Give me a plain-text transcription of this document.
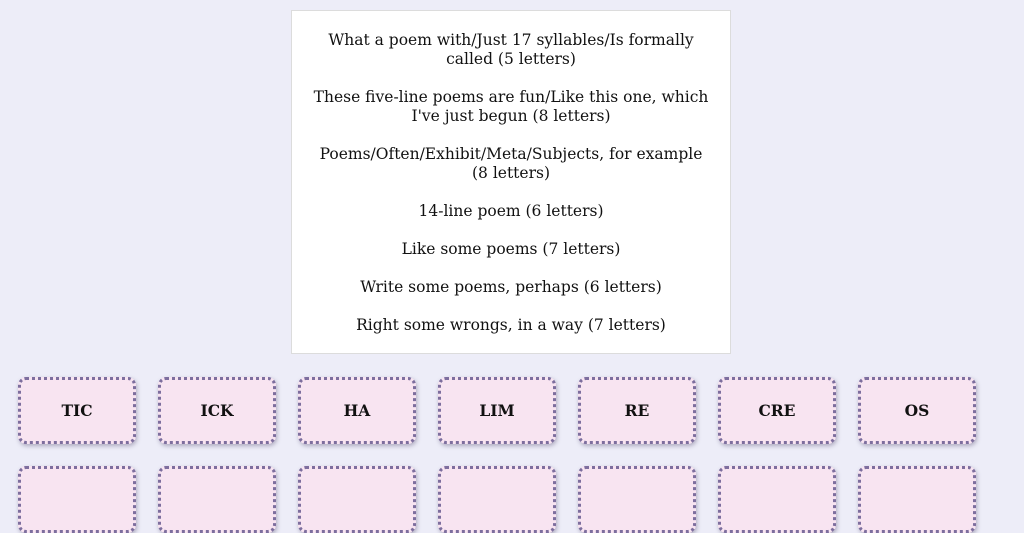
What a poem with/Just 17 syllables/Is formally called (5 letters)

These five-line poems are fun/Like this one, which I've just begun (8 letters)

Poems/Often/Exhibit/Meta/Subjects, for example (8 letters)

14-line poem (6 letters)

Like some poems (7 letters)

Write some poems, perhaps (6 letters)

Right some wrongs, in a way (7 letters)

TIC	ICK	HA	LIM	RE	CRE	OS
